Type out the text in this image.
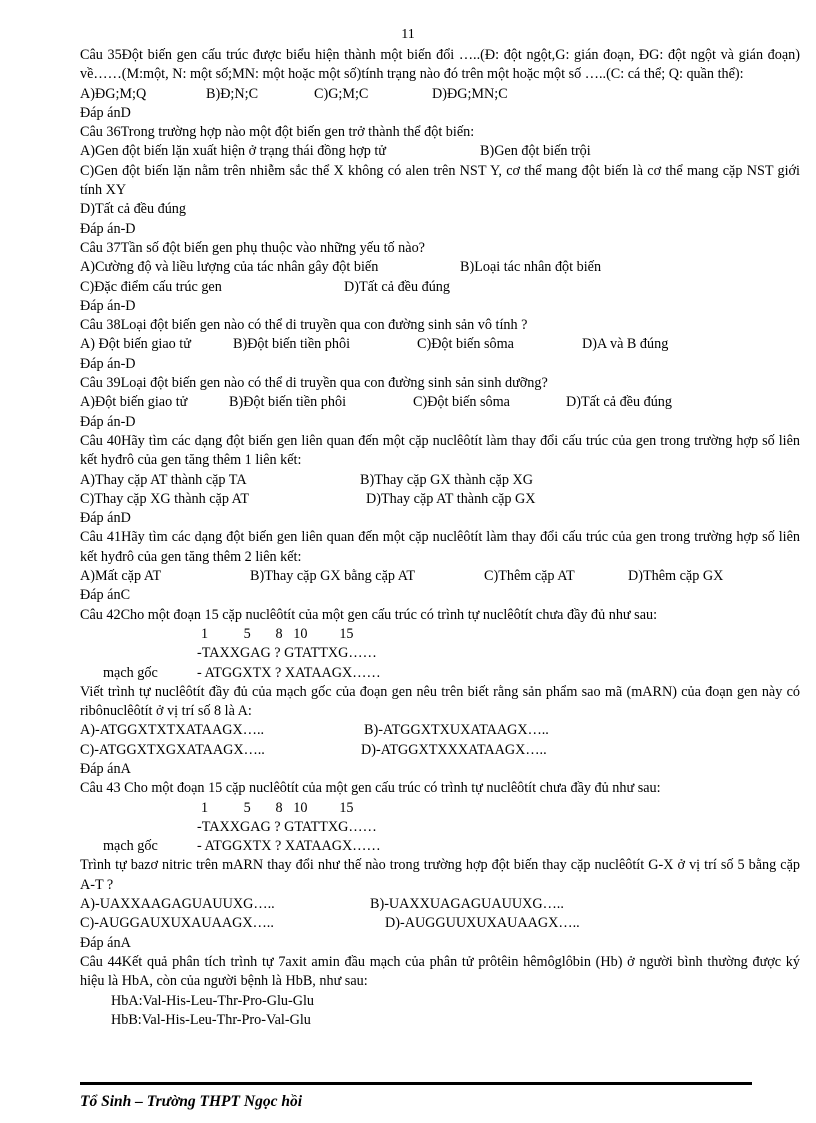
11
Câu 35Đột biến gen cấu trúc được biểu hiện thành một biến đổi …..(Đ: đột ngột,G: gián đoạn, ĐG: đột ngột và gián đoạn) về……(M:một, N: một số;MN: một hoặc một số)tính trạng nào đó trên một hoặc một số …..(C: cá thể; Q: quần thể):
A)ĐG;M;Q	B)Đ;N;C	C)G;M;C	D)ĐG;MN;C
Đáp ánD
Câu 36Trong trường hợp nào một đột biến gen trở thành thể đột biến:
A)Gen đột biến lặn xuất hiện ở trạng thái đồng hợp tử	B)Gen đột biến trội
C)Gen đột biến lặn nằm trên nhiễm sắc thể X không có alen trên NST Y, cơ thể mang đột biến là cơ thể mang cặp NST giới tính XY
D)Tất cả đều đúng
Đáp án-D
Câu 37Tần số đột biến gen phụ thuộc vào những yếu tố nào?
A)Cường độ và liều lượng của tác nhân gây đột biến	B)Loại tác nhân đột biến
C)Đặc điểm cấu trúc gen	D)Tất cả đều đúng
Đáp án-D
Câu 38Loại đột biến gen nào có thể di truyền qua con đường sinh sản vô tính ?
A) Đột biến giao tử	B)Đột biến tiền phôi	C)Đột biến sôma	D)A và B đúng
Đáp án-D
Câu 39Loại đột biến gen nào có thể di truyền qua con đường sinh sản sinh dưỡng?
A)Đột biến giao tử	B)Đột biến tiền phôi	C)Đột biến sôma	D)Tất cả đều đúng
Đáp án-D
Câu 40Hãy tìm các dạng đột biến gen liên quan đến một cặp nuclêôtít làm thay đổi cấu trúc của gen trong trường hợp số liên kết hyđrô của gen tăng thêm 1 liên kết:
A)Thay cặp AT thành cặp TA	B)Thay cặp GX thành cặp XG
C)Thay cặp XG thành cặp AT	D)Thay cặp AT thành cặp GX
Đáp ánD
Câu 41Hãy tìm các dạng đột biến gen liên quan đến một cặp nuclêôtít làm thay đổi cấu trúc của gen trong trường hợp số liên kết hyđrô của gen tăng thêm 2 liên kết:
A)Mất cặp AT	B)Thay cặp GX bằng cặp AT	C)Thêm cặp AT	D)Thêm cặp GX
Đáp ánC
Câu 42Cho một đoạn 15 cặp nuclêôtít của một gen cấu trúc có trình tự nuclêôtít chưa đầy đủ như sau:
1          5       8   10         15
-TAXXGAG ? GTATTXG……
mạch gốc	- ATGGXTX ? XATAAGX……
Viết trình tự nuclêôtít đầy đủ của mạch gốc của đoạn gen nêu trên biết rằng sản phẩm sao mã (mARN) của đoạn gen này có ribônuclêôtít ở vị trí số 8 là A:
A)-ATGGXTXTXATAAGX…..	B)-ATGGXTXUXATAAGX…..
C)-ATGGXTXGXATAAGX…..	D)-ATGGXTXXXATAAGX…..
Đáp ánA
Câu 43 Cho một đoạn 15 cặp nuclêôtít của một gen cấu trúc có trình tự nuclêôtít chưa đầy đủ như sau:
1          5       8   10         15
-TAXXGAG ? GTATTXG……
mạch gốc	- ATGGXTX ? XATAAGX……
Trình tự bazơ nitric trên mARN thay đổi như thế nào trong trường hợp đột biến thay cặp nuclêôtít G-X ở vị trí số 5 bằng cặp A-T ?
A)-UAXXAAGAGUAUUXG…..	B)-UAXXUAGAGUAUUXG…..
C)-AUGGAUXUXAUAAGX…..	D)-AUGGUUXUXAUAAGX…..
Đáp ánA
Câu 44Kết quả phân tích trình tự 7axit amin đầu mạch của phân tử prôtêin hêmôglôbin (Hb) ở người bình thường được ký hiệu là HbA, còn của người bệnh là HbB, như sau:
HbA:Val-His-Leu-Thr-Pro-Glu-Glu
HbB:Val-His-Leu-Thr-Pro-Val-Glu
Tổ Sinh – Trường THPT Ngọc hồi
